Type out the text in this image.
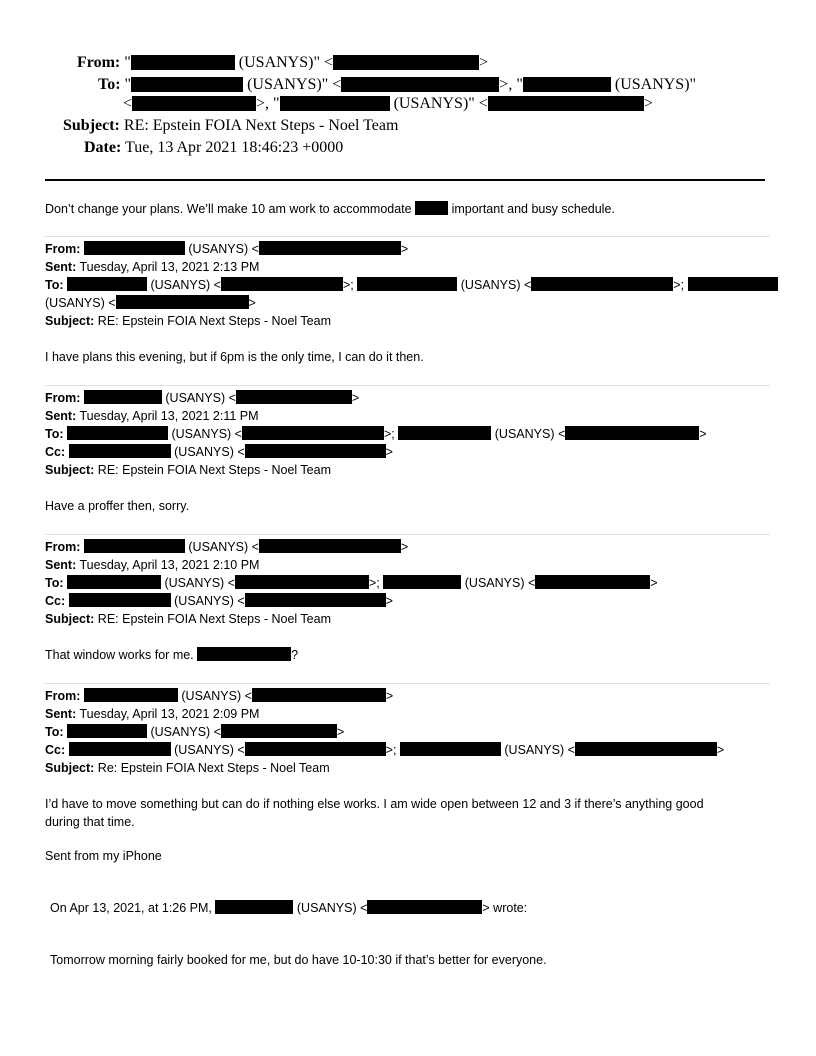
From: "	(USANYS)" <	>
To: "	(USANYS)" <	>, "	(USANYS)"
<	>, "	(USANYS)" <	>
Subject: RE: Epstein FOIA Next Steps - Noel Team
Date: Tue, 13 Apr 2021 18:46:23 +0000
Don’t change your plans. We’ll make 10 am work to accommodate	important and busy schedule.
From:	(USANYS) <	>
Sent: Tuesday, April 13, 2021 2:13 PM
To:	(USANYS) <	>;	(USANYS) <	>;
(USANYS) <	>
Subject: RE: Epstein FOIA Next Steps - Noel Team
I have plans this evening, but if 6pm is the only time, I can do it then.
From:	(USANYS) <	>
Sent: Tuesday, April 13, 2021 2:11 PM
To:	(USANYS) <	>;	(USANYS) <	>
Cc:	(USANYS) <	>
Subject: RE: Epstein FOIA Next Steps - Noel Team
Have a proffer then, sorry.
From:	(USANYS) <	>
Sent: Tuesday, April 13, 2021 2:10 PM
To:	(USANYS) <	>;	(USANYS) <	>
Cc:	(USANYS) <	>
Subject: RE: Epstein FOIA Next Steps - Noel Team
That window works for me.	?
From:	(USANYS) <	>
Sent: Tuesday, April 13, 2021 2:09 PM
To:	(USANYS) <	>
Cc:	(USANYS) <	>;	(USANYS) <	>
Subject: Re: Epstein FOIA Next Steps - Noel Team
I’d have to move something but can do if nothing else works. I am wide open between 12 and 3 if there’s anything good
during that time.
Sent from my iPhone
On Apr 13, 2021, at 1:26 PM,	(USANYS) <	> wrote:
Tomorrow morning fairly booked for me, but do have 10-10:30 if that’s better for everyone.
